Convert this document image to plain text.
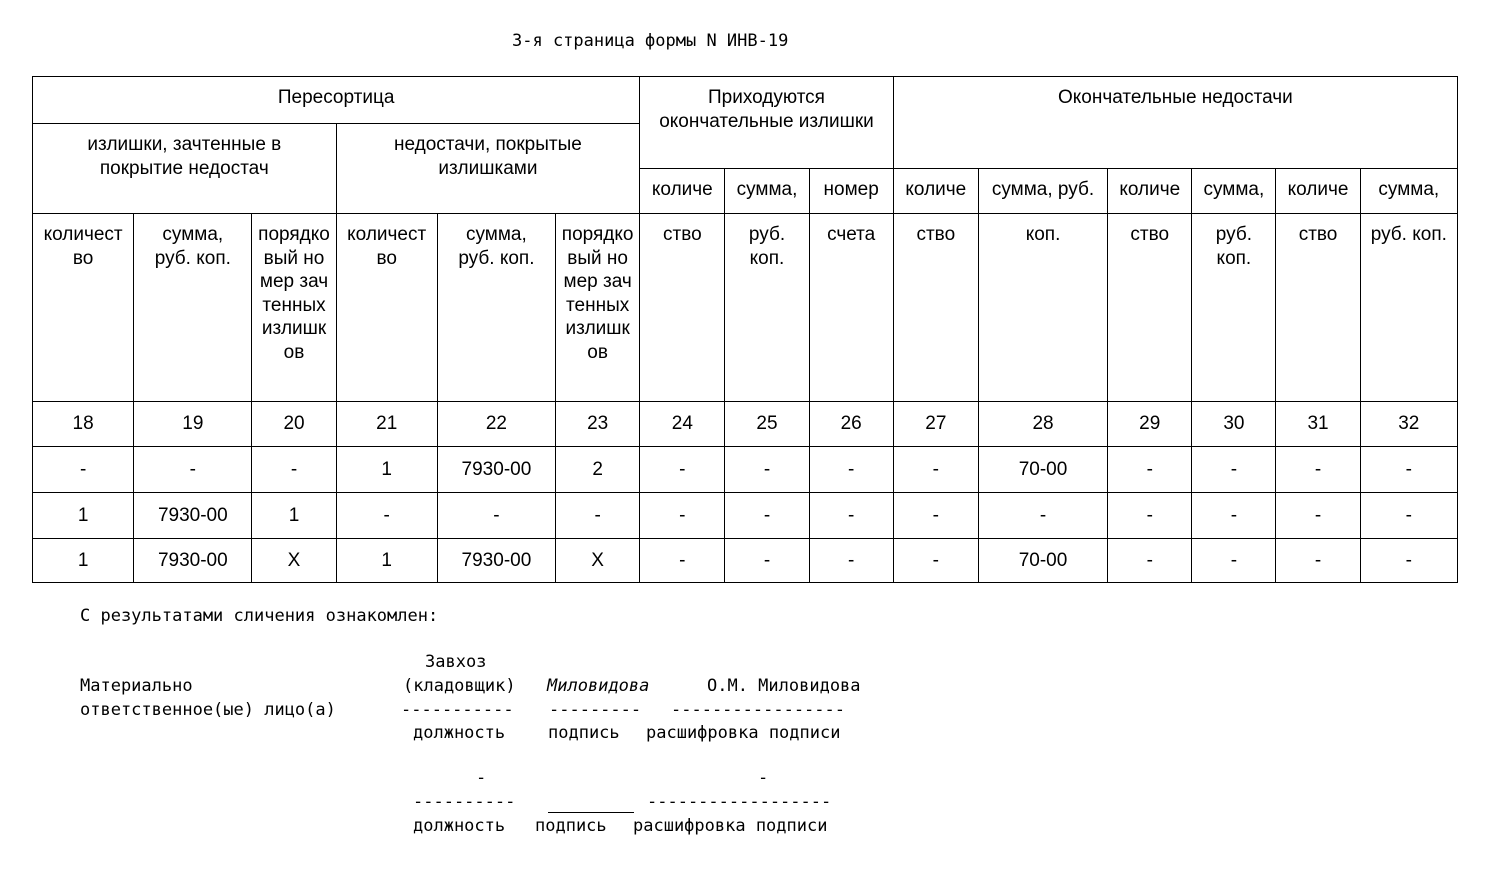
3-я страница формы N ИНВ-19
Пересортица						Приходуются окончательные излишки			Окончательные недостачи					
излишки, зачтенные в покрытие недостач			недостачи, покрытые излишками											
						количе	сумма,	номер	количе	сумма, руб.	количе	сумма,	количе	сумма,
количество	сумма, руб. коп.	порядковый номер зачтенных излишков	количество	сумма, руб. коп.	порядковый номер зачтенных излишков	ство	руб. коп.	счета	ство	коп.	ство	руб. коп.	ство	руб. коп.
18	19	20	21	22	23	24	25	26	27	28	29	30	31	32
-	-	-	1	7930-00	2	-	-	-	-	70-00	-	-	-	-
1	7930-00	1	-	-	-	-	-	-	-	-	-	-	-	-
1	7930-00	Х	1	7930-00	Х	-	-	-	-	70-00	-	-	-	-
С результатами сличения ознакомлен:
Завхоз
Материально	(кладовщик) Миловидова	О.М. Миловидова
ответственное(ые) лицо(а)	----------- --------- -----------------
должность	подпись расшифровка подписи
-	-
----------	------------------
должность подпись расшифровка подписи
